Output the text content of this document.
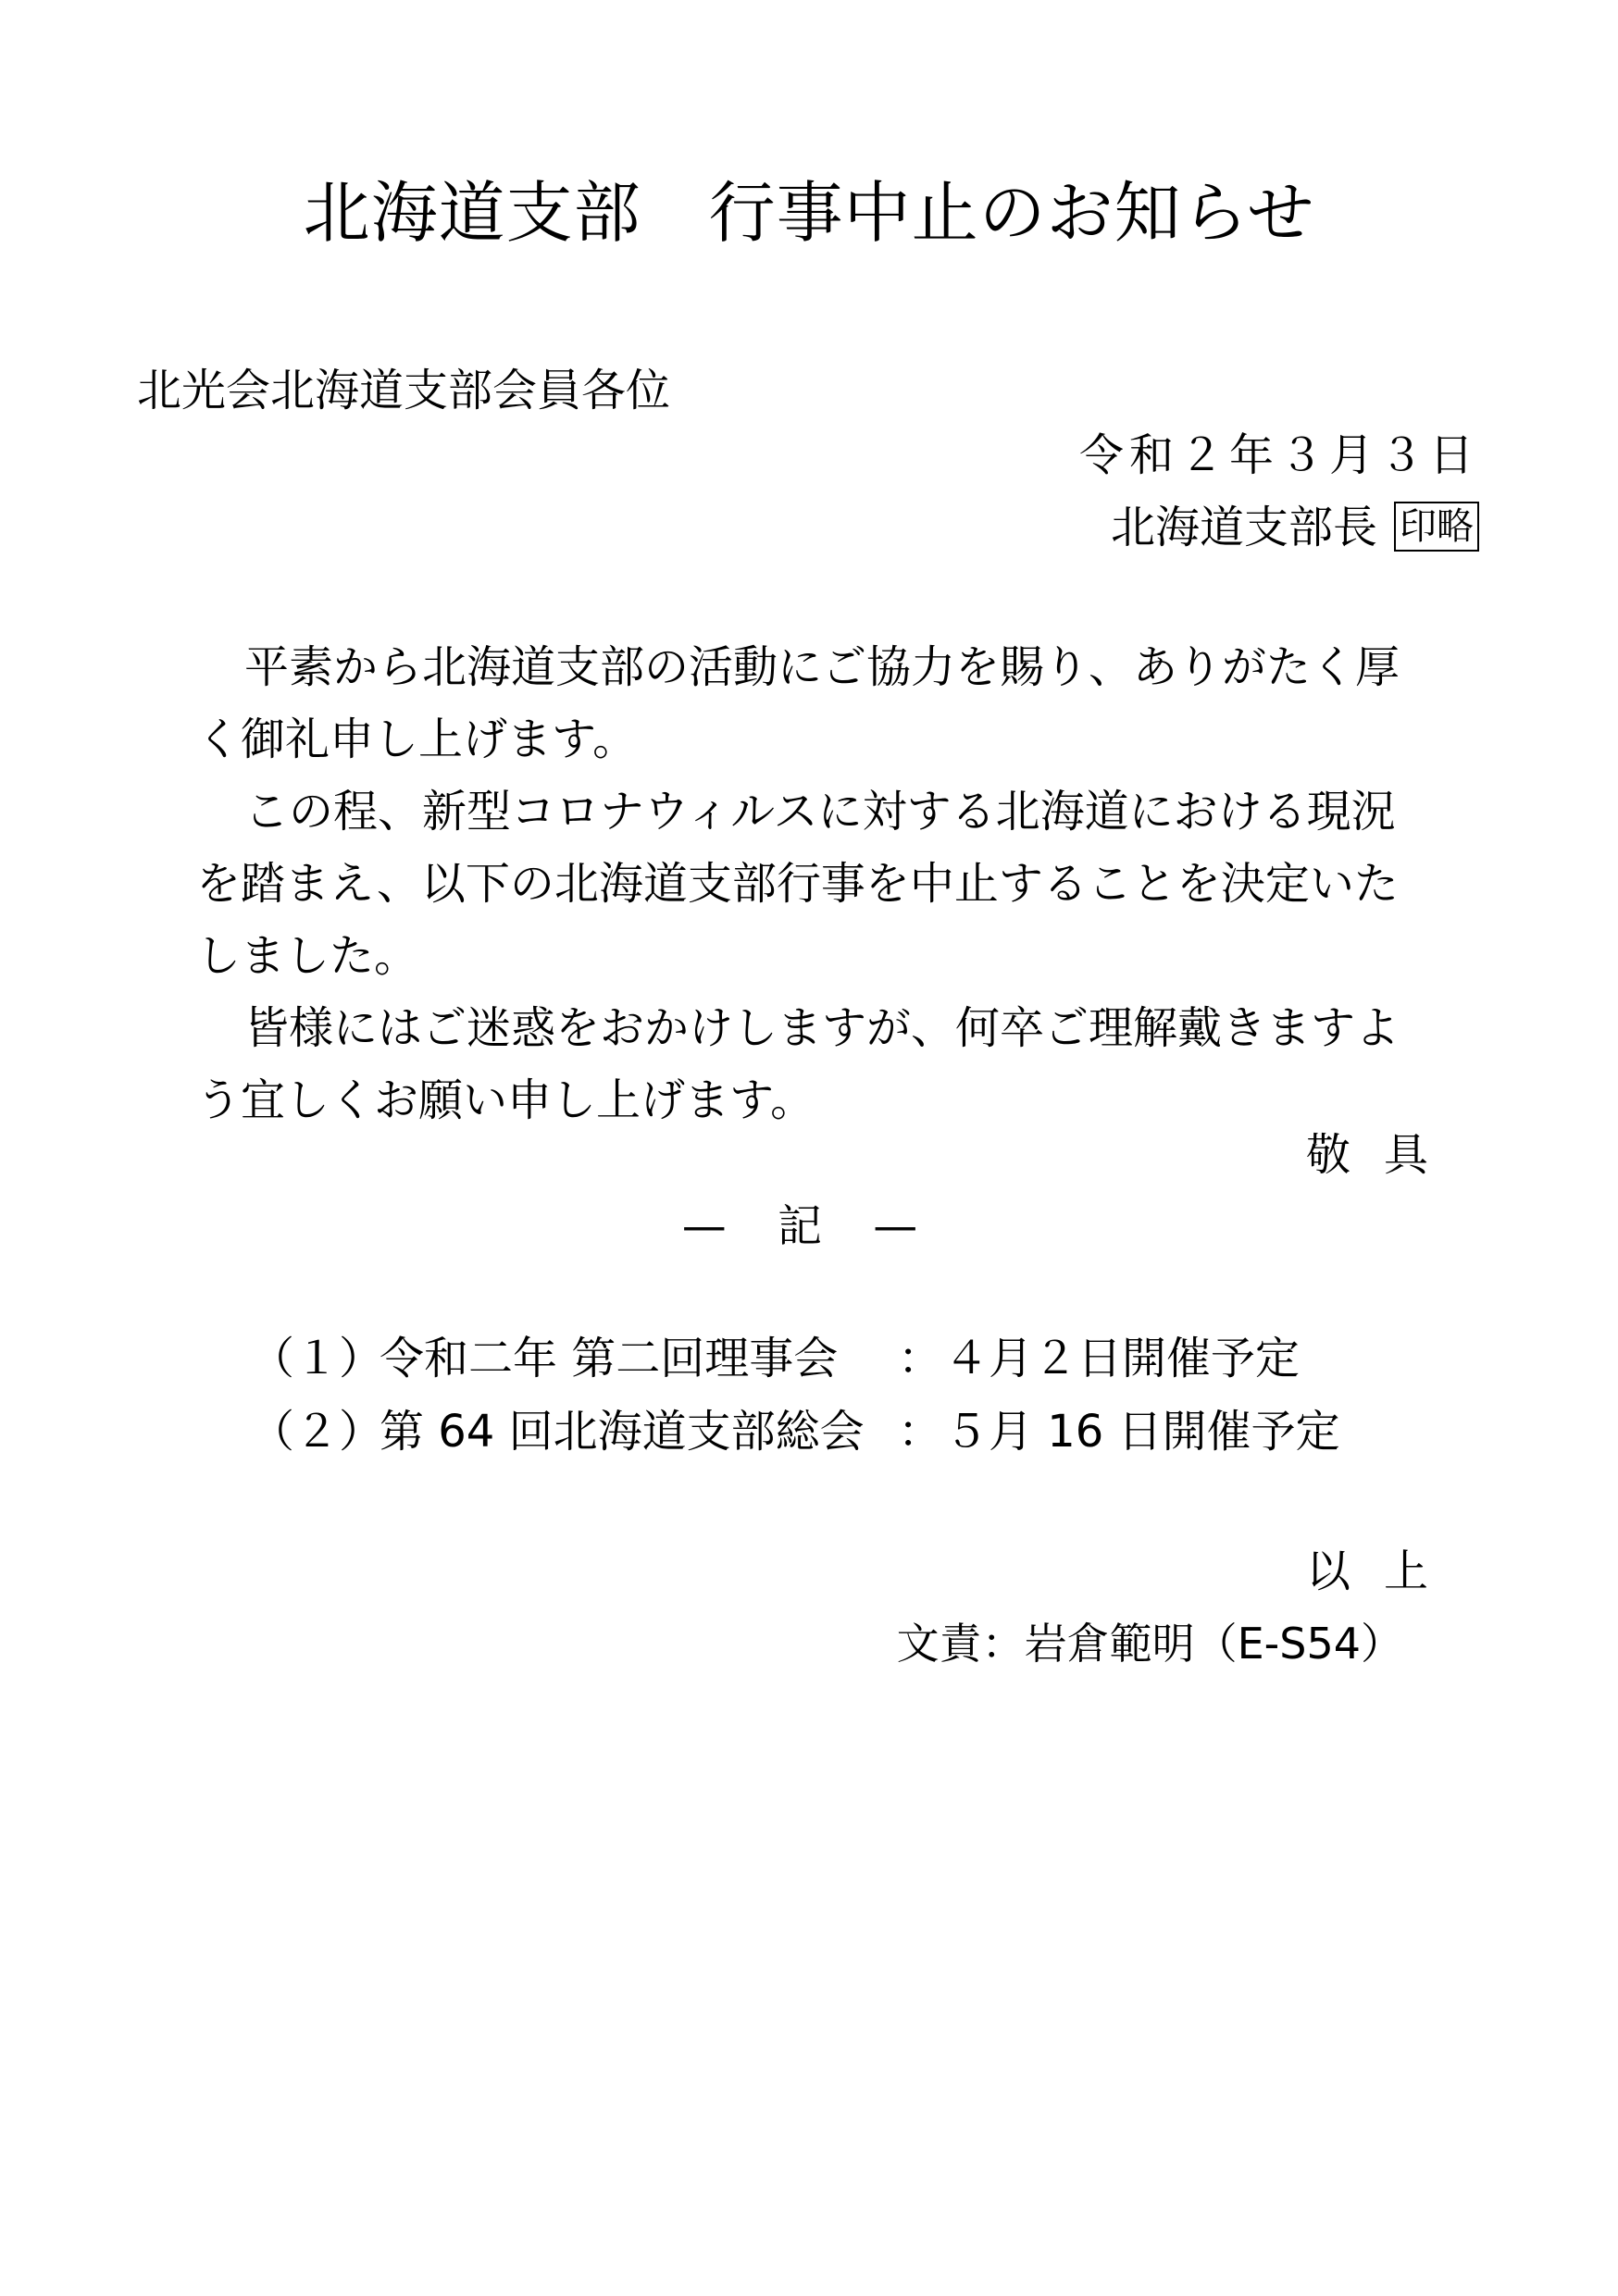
北海道支部　行事中止のお知らせ
北光会北海道支部会員各位
令和２年３月３日
北海道支部長 印略

平素から北海道支部の活動にご協力を賜り、ありがたく厚く御礼申し上げます。

この程、新型コロナウィルスに対する北海道における現況を踏まえ、以下の北海道支部行事を中止することを決定いたしました。

皆様にはご迷惑をおかけしますが、何卒ご理解戴きますよう宜しくお願い申し上げます。

敬具
— 記 —
（１）令和二年 第二回理事会 ：４月２日開催予定
（２）第 64 回北海道支部総会 ：５月 16 日開催予定
以上
文責：岩倉範明（E-S54）
